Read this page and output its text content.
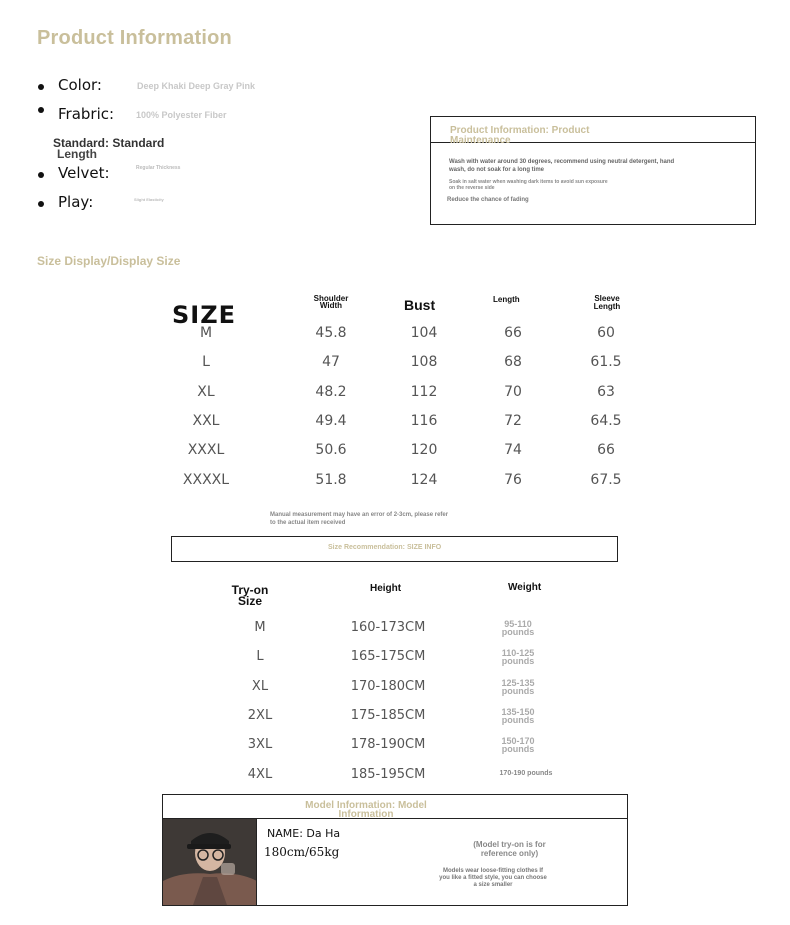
Product Information
Color:	Deep Khaki Deep Gray Pink
Frabric: 100% Polyester Fiber
Velvet:	Regular Thickness
Play:	Slight Elasticity
Standard: Standard
Length
Product Information: Product Maintenance
Wash with water around 30 degrees, recommend using neutral detergent, hand wash, do not soak for a long time
Soak in salt water when washing dark items to avoid sun exposure on the reverse side
Reduce the chance of fading
Size Display/Display Size
SIZE
Shoulder Width	Bust	Length	Sleeve Length
M	45.8	104	66	60
L	47	108	68	61.5
XL	48.2	112	70	63
XXL	49.4	116	72	64.5
XXXL	50.6	120	74	66
XXXXL	51.8	124	76	67.5
Manual measurement may have an error of 2-3cm, please refer to the actual item received
Size Recommendation: SIZE INFO
Try-on Size
Height	Weight
M	160-173CM	95-110 pounds
L	165-175CM	110-125 pounds
XL	170-180CM	125-135 pounds
2XL	175-185CM	135-150 pounds
3XL	178-190CM	150-170 pounds
4XL	185-195CM	170-190 pounds
Model Information: Model Information
NAME: Da Ha
180cm/65kg
(Model try-on is for reference only)
Models wear loose-fitting clothes If you like a fitted style, you can choose a size smaller
